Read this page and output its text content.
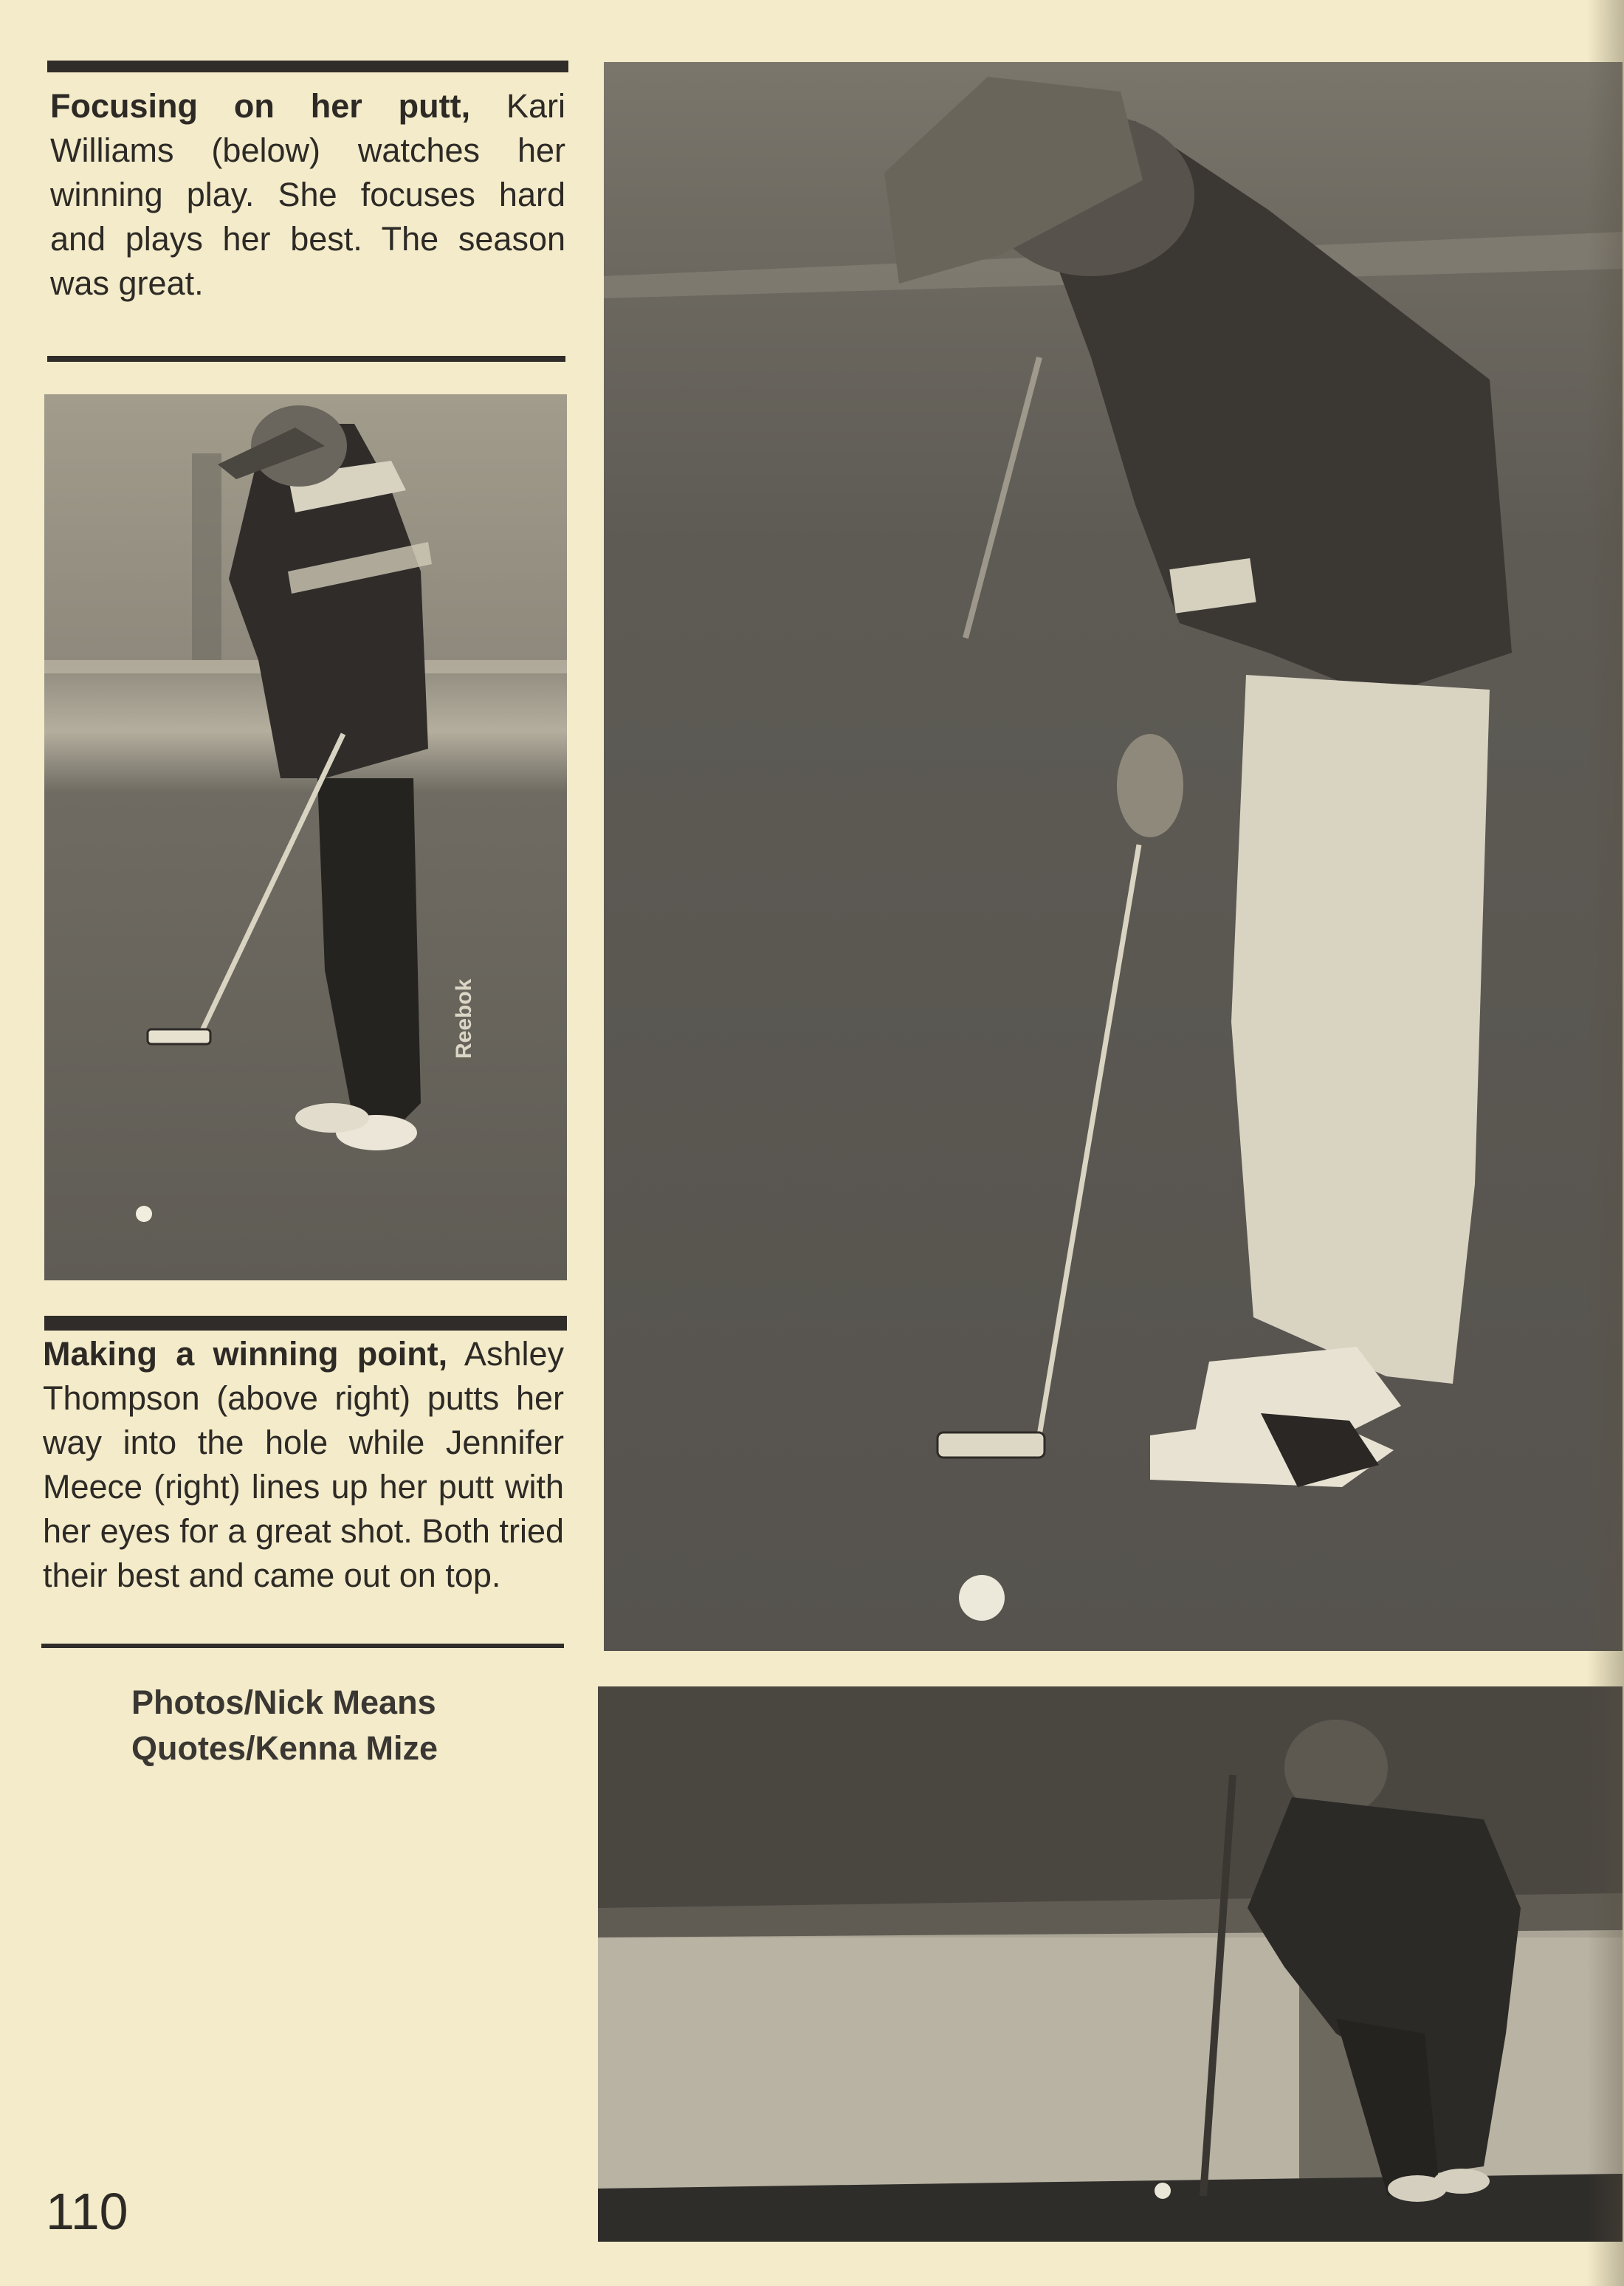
Focusing on her putt, Kari Williams (below) watches her winning play. She focuses hard and plays her best. The season was great.

Reebok

Making a winning point, Ashley Thompson (above right) putts her way into the hole while Jennifer Meece (right) lines up her putt with her eyes for a great shot. Both tried their best and came out on top.

Photos/Nick Means
Quotes/Kenna Mize
110
